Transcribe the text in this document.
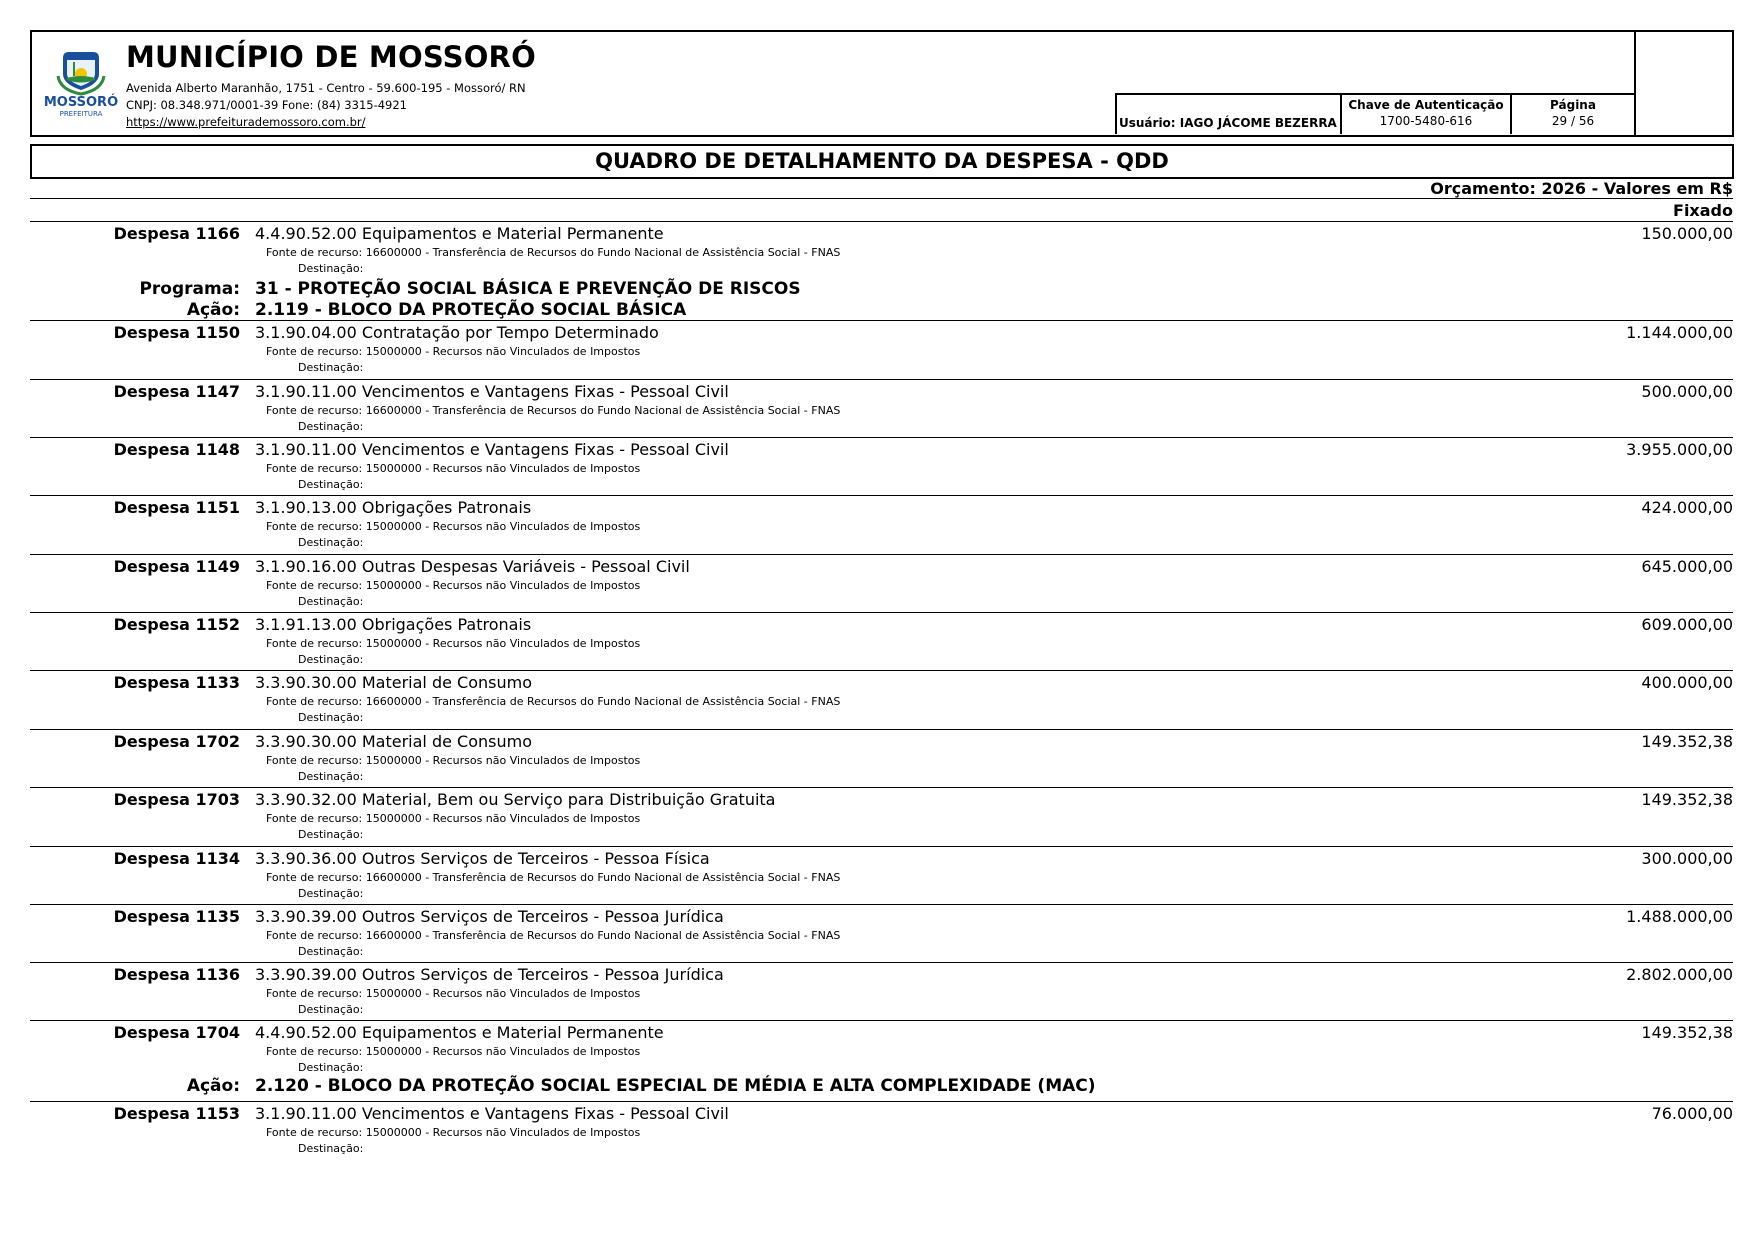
MOSSORÓ
PREFEITURA
MUNICÍPIO DE MOSSORÓ
Avenida Alberto Maranhão, 1751 - Centro - 59.600-195 - Mossoró/ RN
CNPJ: 08.348.971/0001-39 Fone: (84) 3315-4921
https://www.prefeiturademossoro.com.br/	Usuário: IAGO JÁCOME BEZERRA
Chave de Autenticação
1700-5480-616
Página
29 / 56
QUADRO DE DETALHAMENTO DA DESPESA - QDD
Orçamento: 2026 - Valores em R$
Fixado
Despesa 1166 4.4.90.52.00 Equipamentos e Material Permanente
Fonte de recurso: 16600000 - Transferência de Recursos do Fundo Nacional de Assistência Social - FNAS
Destinação:
150.000,00
Programa: 31 - PROTEÇÃO SOCIAL BÁSICA E PREVENÇÃO DE RISCOS
Ação: 2.119 - BLOCO DA PROTEÇÃO SOCIAL BÁSICA
Despesa 1150 3.1.90.04.00 Contratação por Tempo Determinado
Fonte de recurso: 15000000 - Recursos não Vinculados de Impostos
Destinação:
1.144.000,00
Despesa 1147 3.1.90.11.00 Vencimentos e Vantagens Fixas - Pessoal Civil
Fonte de recurso: 16600000 - Transferência de Recursos do Fundo Nacional de Assistência Social - FNAS
Destinação:
500.000,00
Despesa 1148 3.1.90.11.00 Vencimentos e Vantagens Fixas - Pessoal Civil
Fonte de recurso: 15000000 - Recursos não Vinculados de Impostos
Destinação:
3.955.000,00
Despesa 1151 3.1.90.13.00 Obrigações Patronais
Fonte de recurso: 15000000 - Recursos não Vinculados de Impostos
Destinação:
424.000,00
Despesa 1149 3.1.90.16.00 Outras Despesas Variáveis - Pessoal Civil
Fonte de recurso: 15000000 - Recursos não Vinculados de Impostos
Destinação:
645.000,00
Despesa 1152 3.1.91.13.00 Obrigações Patronais
Fonte de recurso: 15000000 - Recursos não Vinculados de Impostos
Destinação:
609.000,00
Despesa 1133 3.3.90.30.00 Material de Consumo
Fonte de recurso: 16600000 - Transferência de Recursos do Fundo Nacional de Assistência Social - FNAS
Destinação:
400.000,00
Despesa 1702 3.3.90.30.00 Material de Consumo
Fonte de recurso: 15000000 - Recursos não Vinculados de Impostos
Destinação:
149.352,38
Despesa 1703 3.3.90.32.00 Material, Bem ou Serviço para Distribuição Gratuita
Fonte de recurso: 15000000 - Recursos não Vinculados de Impostos
Destinação:
149.352,38
Despesa 1134 3.3.90.36.00 Outros Serviços de Terceiros - Pessoa Física
Fonte de recurso: 16600000 - Transferência de Recursos do Fundo Nacional de Assistência Social - FNAS
Destinação:
300.000,00
Despesa 1135 3.3.90.39.00 Outros Serviços de Terceiros - Pessoa Jurídica
Fonte de recurso: 16600000 - Transferência de Recursos do Fundo Nacional de Assistência Social - FNAS
Destinação:
1.488.000,00
Despesa 1136 3.3.90.39.00 Outros Serviços de Terceiros - Pessoa Jurídica
Fonte de recurso: 15000000 - Recursos não Vinculados de Impostos
Destinação:
2.802.000,00
Despesa 1704 4.4.90.52.00 Equipamentos e Material Permanente
Fonte de recurso: 15000000 - Recursos não Vinculados de Impostos
Destinação:
149.352,38
Despesa 1153 3.1.90.11.00 Vencimentos e Vantagens Fixas - Pessoal Civil
Fonte de recurso: 15000000 - Recursos não Vinculados de Impostos
Destinação:
76.000,00
Ação: 2.120 - BLOCO DA PROTEÇÃO SOCIAL ESPECIAL DE MÉDIA E ALTA COMPLEXIDADE (MAC)
